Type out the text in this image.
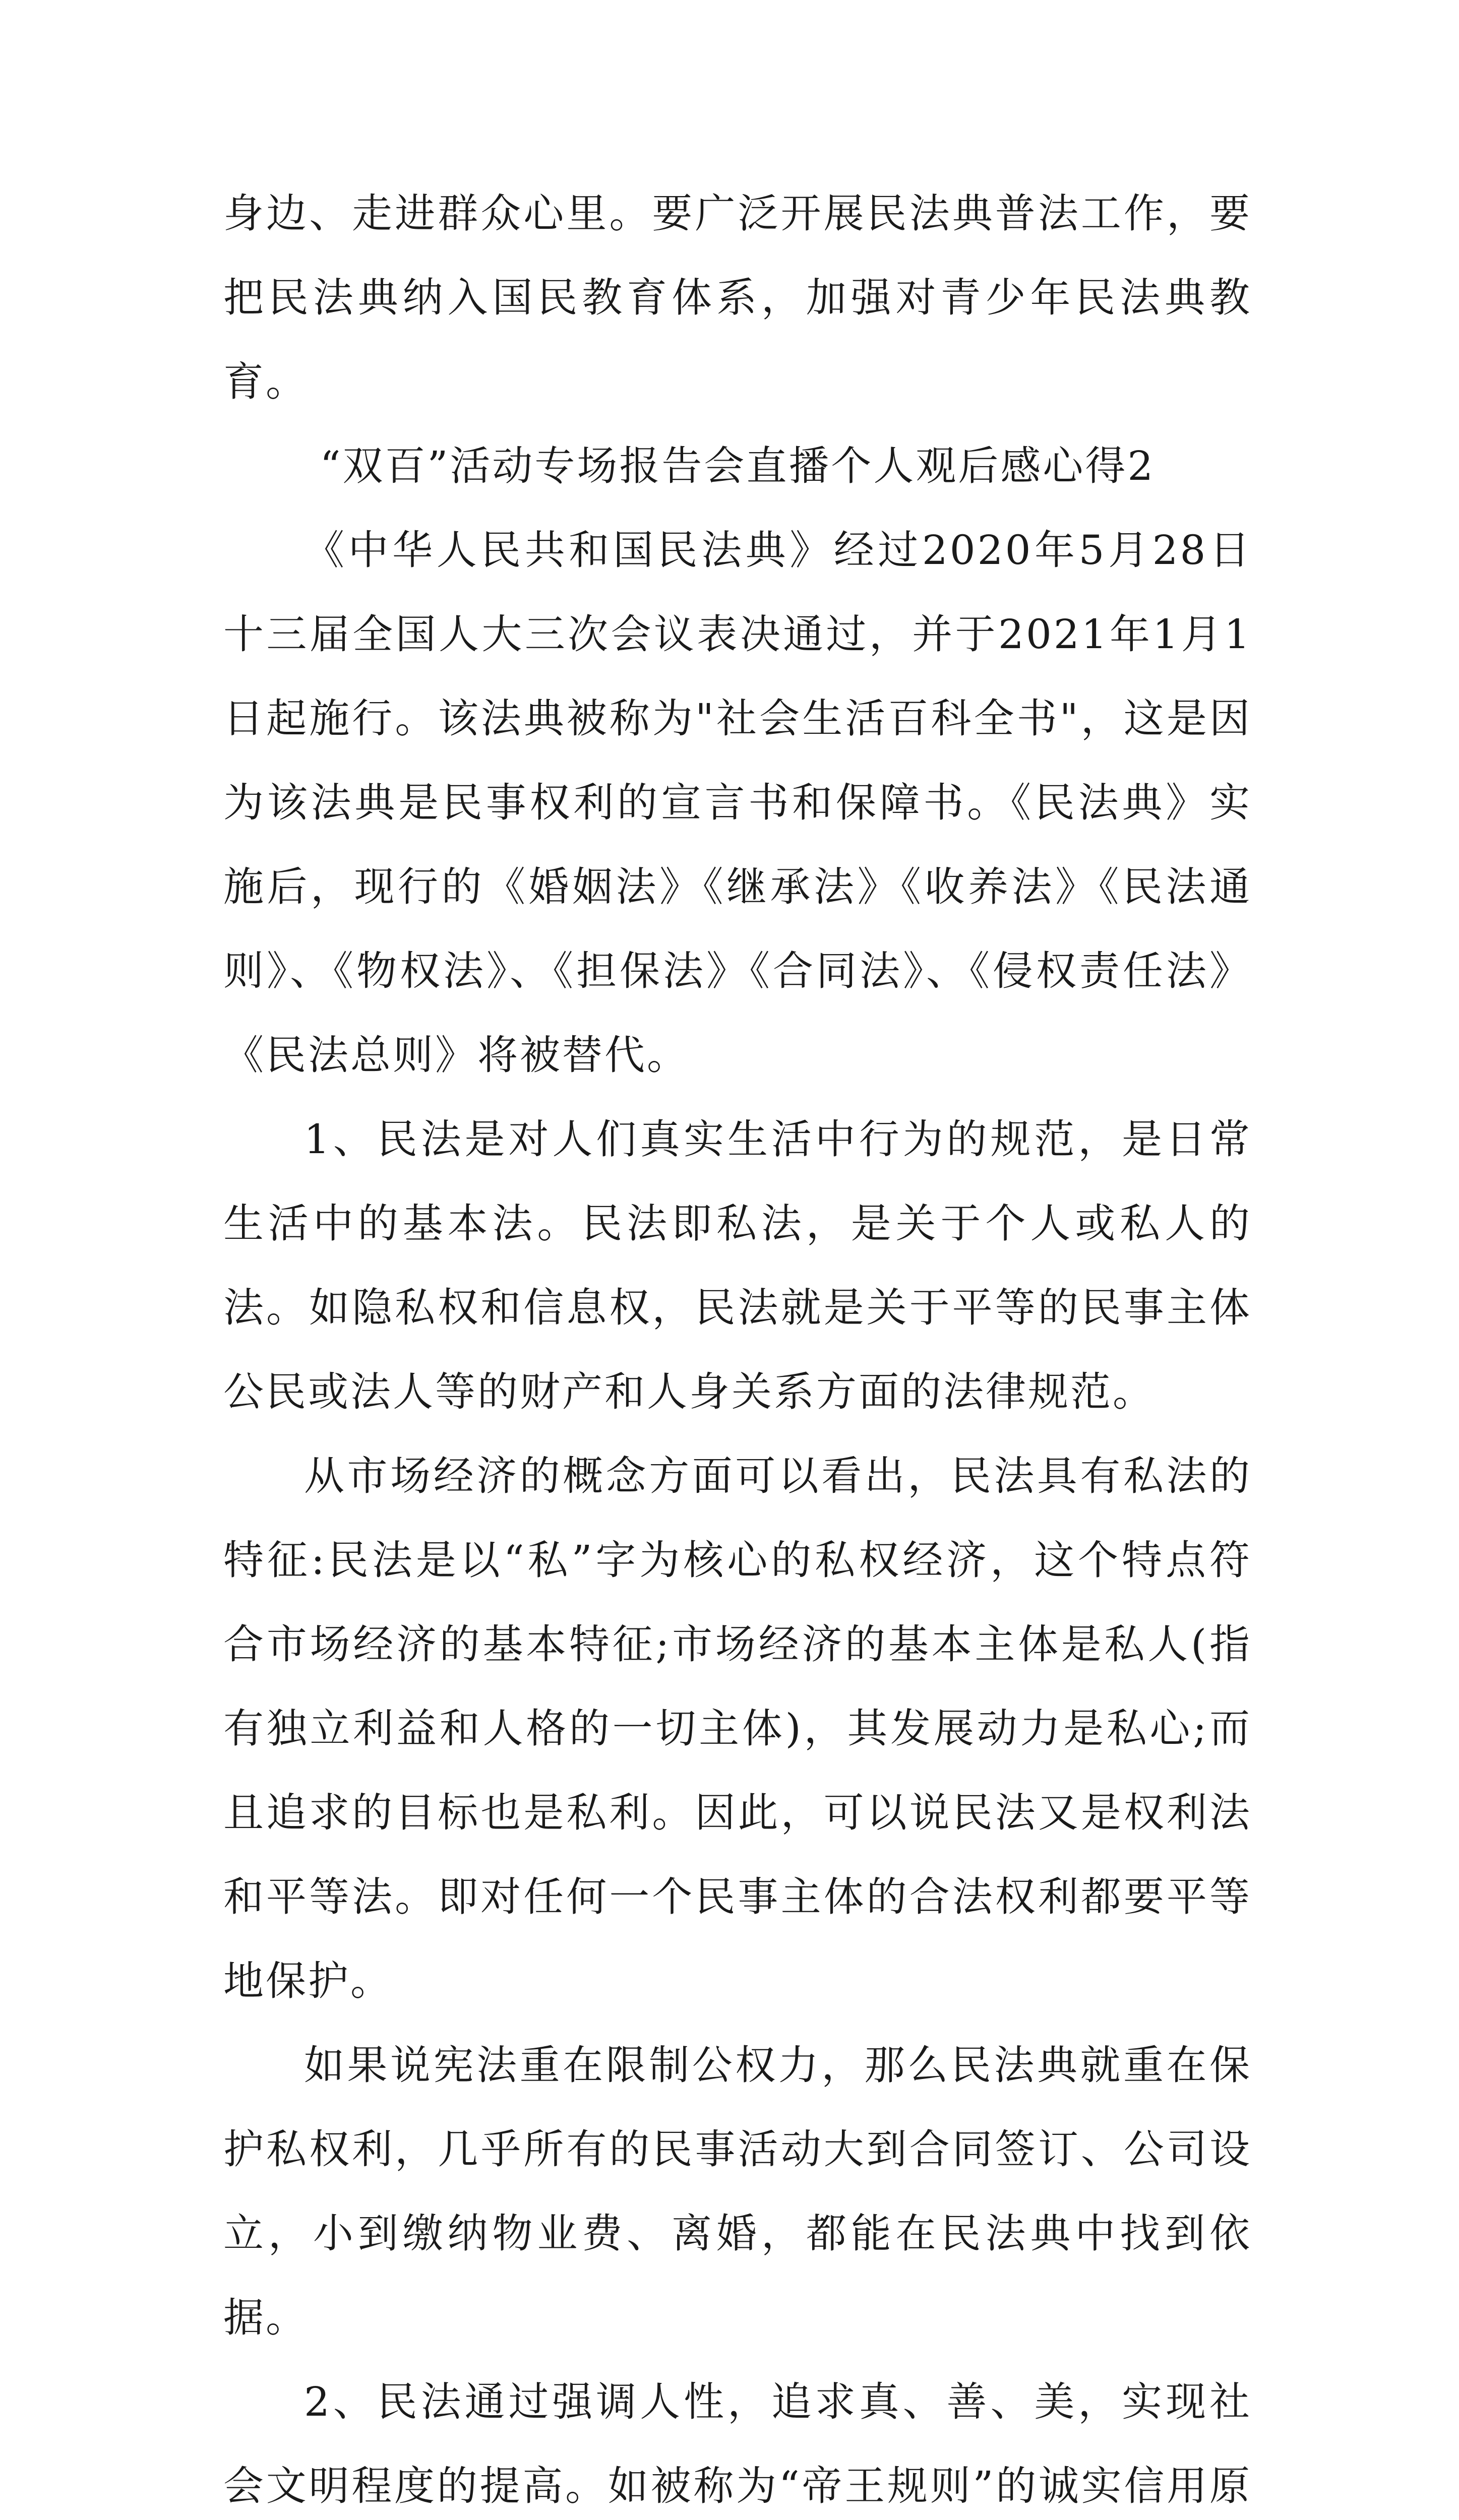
身边、走进群众心里。要广泛开展民法典普法工作，要把民法典纳入国民教育体系，加强对青少年民法典教育。

“双百”活动专场报告会直播个人观后感心得2

《中华人民共和国民法典》经过2020年5月28日十三届全国人大三次会议表决通过，并于2021年1月1日起施行。该法典被称为"社会生活百科全书"，这是因为该法典是民事权利的宣言书和保障书。《民法典》实施后，现行的《婚姻法》《继承法》《收养法》《民法通则》、《物权法》、《担保法》《合同法》、《侵权责任法》《民法总则》将被替代。

1、民法是对人们真实生活中行为的规范，是日常生活中的基本法。民法即私法，是关于个人或私人的法。如隐私权和信息权，民法就是关于平等的民事主体公民或法人等的财产和人身关系方面的法律规范。

从市场经济的概念方面可以看出，民法具有私法的特征:民法是以“私”字为核心的私权经济，这个特点符合市场经济的基本特征;市场经济的基本主体是私人(指有独立利益和人格的一切主体)，其发展动力是私心;而且追求的目标也是私利。因此，可以说民法又是权利法和平等法。即对任何一个民事主体的合法权利都要平等地保护。

如果说宪法重在限制公权力，那么民法典就重在保护私权利，几乎所有的民事活动大到合同签订、公司设立，小到缴纳物业费、离婚，都能在民法典中找到依据。

2、民法通过强调人性，追求真、善、美，实现社会文明程度的提高。如被称为“帝王规则”的诚实信用原
